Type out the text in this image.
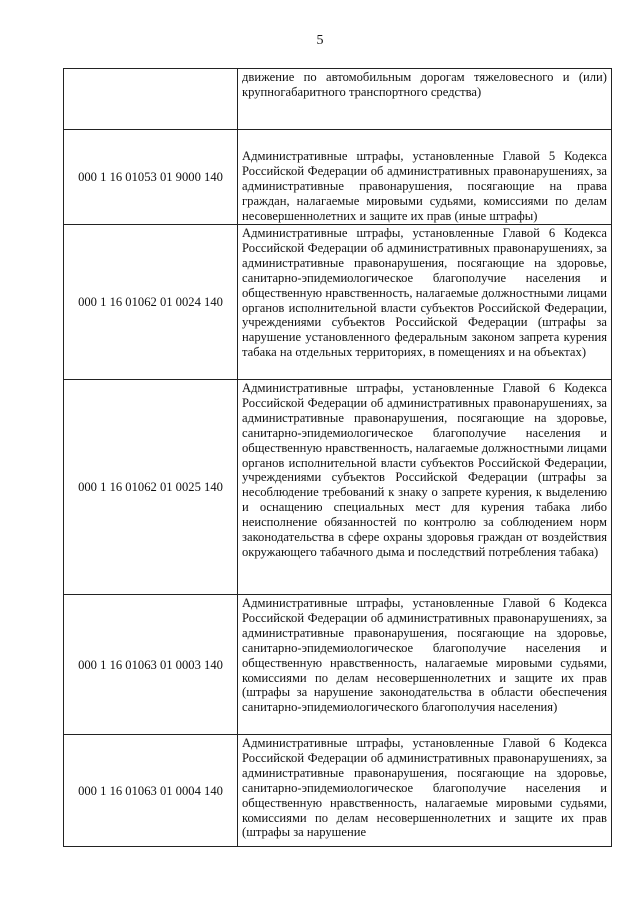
5
	движение по автомобильным дорогам тяжеловесного и (или) крупногабаритного транспортного средства)
000 1 16 01053 01 9000 140	Административные штрафы, установленные Главой 5 Кодекса Российской Федерации об административных правонарушениях, за административные правонарушения, посягающие на права граждан, налагаемые мировыми судьями, комиссиями по делам несовершеннолетних и защите их прав (иные штрафы)
000 1 16 01062 01 0024 140	Административные штрафы, установленные Главой 6 Кодекса Российской Федерации об административных правонарушениях, за административные правонарушения, посягающие на здоровье, санитарно-эпидемиологическое благополучие населения и общественную нравственность, налагаемые должностными лицами органов исполнительной власти субъектов Российской Федерации, учреждениями субъектов Российской Федерации (штрафы за нарушение установленного федеральным законом запрета курения табака на отдельных территориях, в помещениях и на объектах)
000 1 16 01062 01 0025 140	Административные штрафы, установленные Главой 6 Кодекса Российской Федерации об административных правонарушениях, за административные правонарушения, посягающие на здоровье, санитарно-эпидемиологическое благополучие населения и общественную нравственность, налагаемые должностными лицами органов исполнительной власти субъектов Российской Федерации, учреждениями субъектов Российской Федерации (штрафы за несоблюдение требований к знаку о запрете курения, к выделению и оснащению специальных мест для курения табака либо неисполнение обязанностей по контролю за соблюдением норм законодательства в сфере охраны здоровья граждан от воздействия окружающего табачного дыма и последствий потребления табака)
000 1 16 01063 01 0003 140	Административные штрафы, установленные Главой 6 Кодекса Российской Федерации об административных правонарушениях, за административные правонарушения, посягающие на здоровье, санитарно-эпидемиологическое благополучие населения и общественную нравственность, налагаемые мировыми судьями, комиссиями по делам несовершеннолетних и защите их прав (штрафы за нарушение законодательства в области обеспечения санитарно-эпидемиологического благополучия населения)
000 1 16 01063 01 0004 140	Административные штрафы, установленные Главой 6 Кодекса Российской Федерации об административных правонарушениях, за административные правонарушения, посягающие на здоровье, санитарно-эпидемиологическое благополучие населения и общественную нравственность, налагаемые мировыми судьями, комиссиями по делам несовершеннолетних и защите их прав (штрафы за нарушение
